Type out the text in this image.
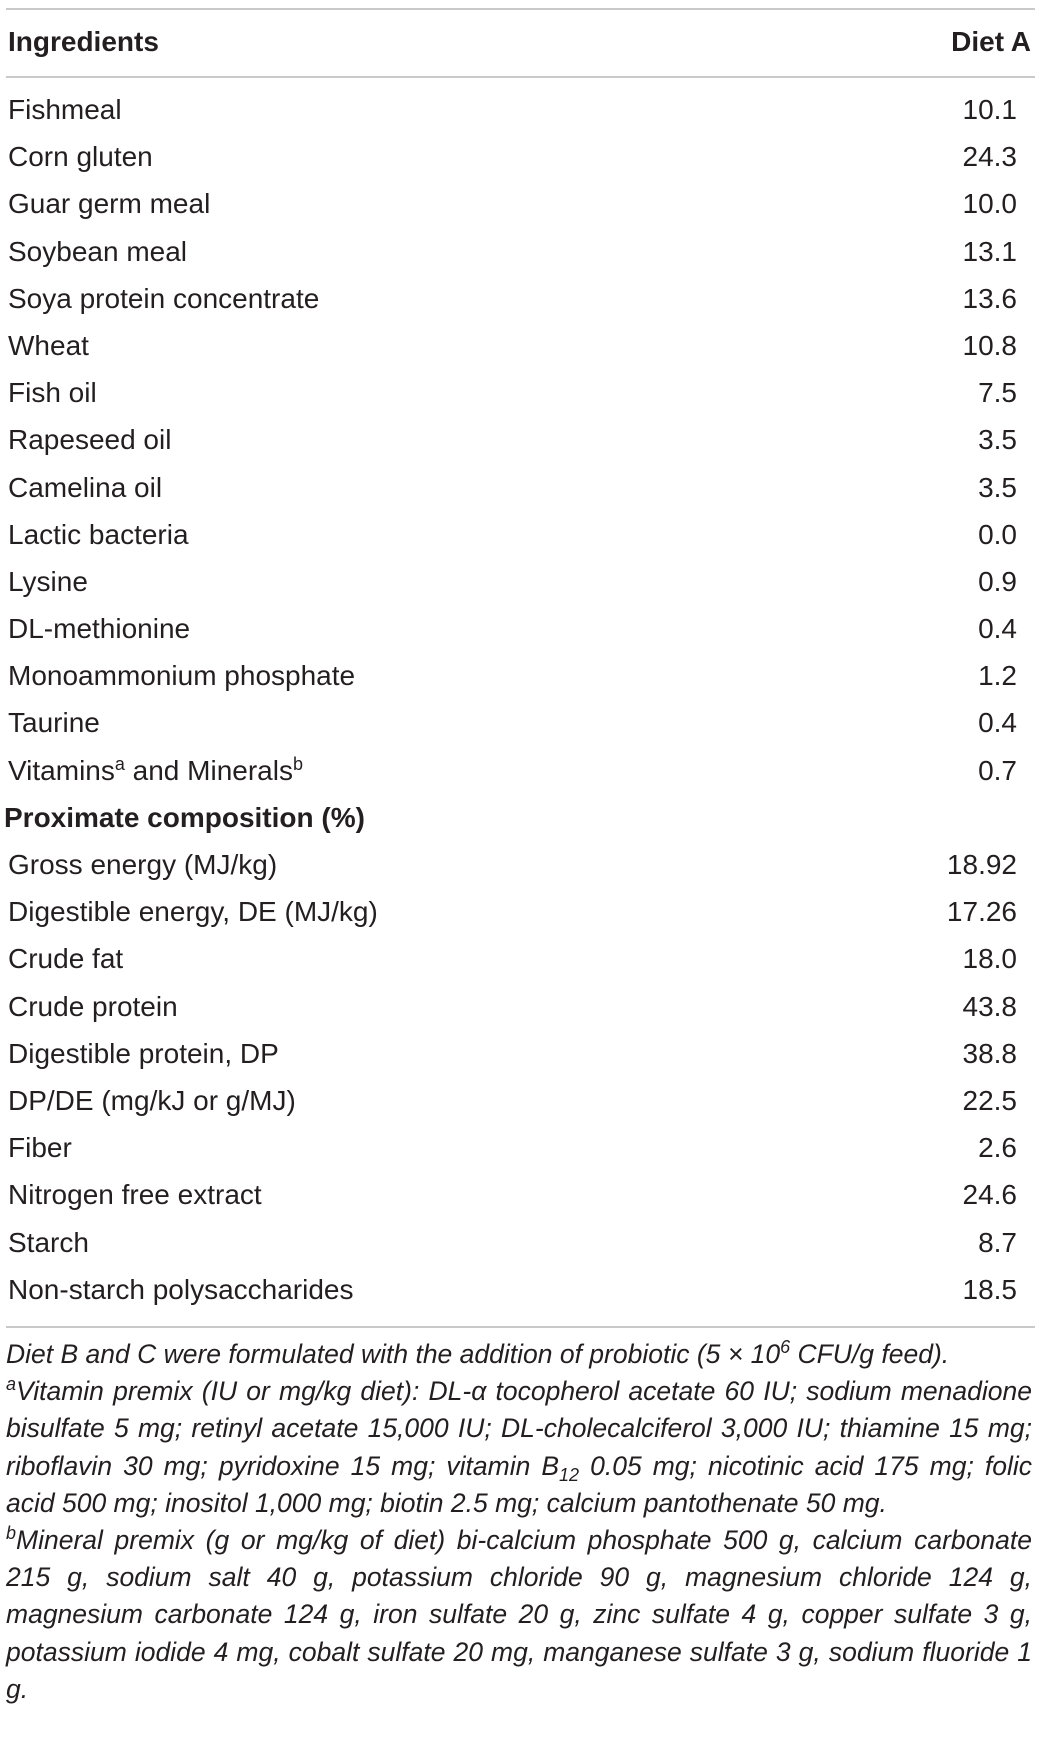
Ingredients	Diet A
Fishmeal	10.1
Corn gluten	24.3
Guar germ meal	10.0
Soybean meal	13.1
Soya protein concentrate	13.6
Wheat	10.8
Fish oil	7.5
Rapeseed oil	3.5
Camelina oil	3.5
Lactic bacteria	0.0
Lysine	0.9
DL-methionine	0.4
Monoammonium phosphate	1.2
Taurine	0.4
Vitamins$^a$ and Minerals$^b$	0.7
Proximate composition (%)
Gross energy (MJ/kg)	18.92
Digestible energy, DE (MJ/kg)	17.26
Crude fat	18.0
Crude protein	43.8
Digestible protein, DP	38.8
DP/DE (mg/kJ or g/MJ)	22.5
Fiber	2.6
Nitrogen free extract	24.6
Starch	8.7
Non-starch polysaccharides	18.5

Diet B and C were formulated with the addition of probiotic ($5 \times 10^6$ CFU/g feed).

$^a$Vitamin premix (IU or mg/kg diet): DL-α tocopherol acetate 60 IU; sodium menadione bisulfate 5 mg; retinyl acetate 15,000 IU; DL-cholecalciferol 3,000 IU; thiamine 15 mg; riboflavin 30 mg; pyridoxine 15 mg; vitamin $B_{12}$ 0.05 mg; nicotinic acid 175 mg; folic acid 500 mg; inositol 1,000 mg; biotin 2.5 mg; calcium pantothenate 50 mg.

$^b$Mineral premix (g or mg/kg of diet) bi-calcium phosphate 500 g, calcium carbonate 215 g, sodium salt 40 g, potassium chloride 90 g, magnesium chloride 124 g, magnesium carbonate 124 g, iron sulfate 20 g, zinc sulfate 4 g, copper sulfate 3 g, potassium iodide 4 mg, cobalt sulfate 20 mg, manganese sulfate 3 g, sodium fluoride 1 g.
